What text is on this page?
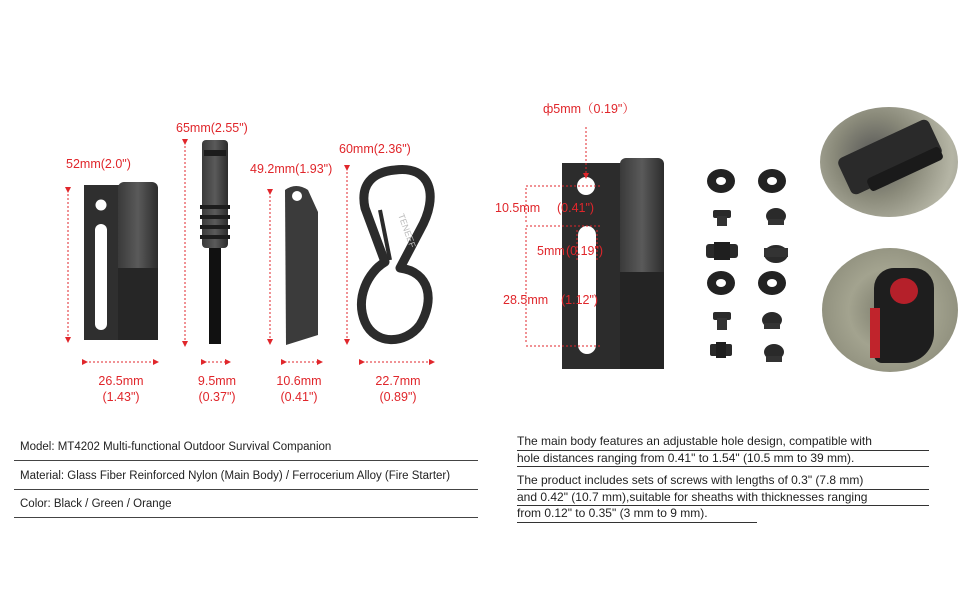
TENEEF
52mm(2.0")
65mm(2.55")
49.2mm(1.93")
60mm(2.36")
26.5mm
(1.43")
9.5mm
(0.37")
10.6mm
(0.41")
22.7mm
(0.89")
ф5mm（0.19"）
10.5mm (0.41")
5mm (0.19")
28.5mm (1.12")
Model: MT4202 Multi-functional Outdoor Survival Companion
Material: Glass Fiber Reinforced Nylon (Main Body) / Ferrocerium Alloy (Fire Starter)
Color: Black / Green / Orange
The main body features an adjustable hole design, compatible with
hole distances ranging from 0.41" to 1.54" (10.5 mm to 39 mm).
The product includes sets of screws with lengths of 0.3" (7.8 mm)
and 0.42" (10.7 mm),suitable for sheaths with thicknesses ranging
from 0.12" to 0.35" (3 mm to 9 mm).
